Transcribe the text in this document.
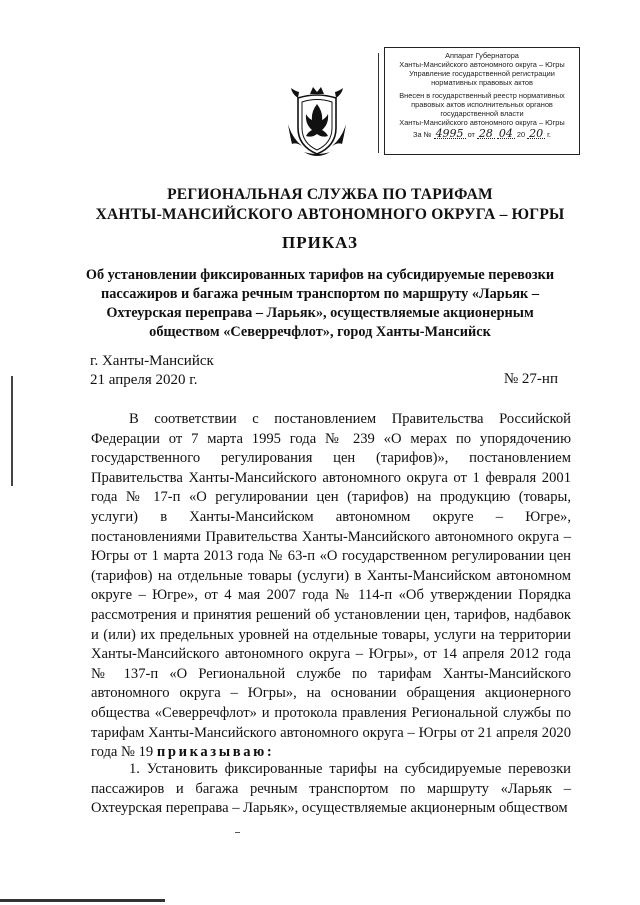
Аппарат Губернатора
Ханты-Мансийского автономного округа – Югры
Управление государственной регистрации
нормативных правовых актов
Внесен в государственный реестр нормативных
правовых актов исполнительных органов
государственной власти
Ханты-Мансийского автономного округа – Югры
За № 4995 от 28 04 20 20 г.
РЕГИОНАЛЬНАЯ СЛУЖБА ПО ТАРИФАМ
ХАНТЫ-МАНСИЙСКОГО АВТОНОМНОГО ОКРУГА – ЮГРЫ
ПРИКАЗ
Об установлении фиксированных тарифов на субсидируемые перевозки пассажиров и багажа речным транспортом по маршруту «Ларьяк – Охтеурская переправа – Ларьяк», осуществляемые акционерным обществом «Северречфлот», город Ханты-Мансийск
г. Ханты-Мансийск
21 апреля 2020 г.	№ 27-нп

В соответствии с постановлением Правительства Российской Федерации от 7 марта 1995 года № 239 «О мерах по упорядочению государственного регулирования цен (тарифов)», постановлением Правительства Ханты-Мансийского автономного округа от 1 февраля 2001 года № 17-п «О регулировании цен (тарифов) на продукцию (товары, услуги) в Ханты-Мансийском автономном округе – Югре», постановлениями Правительства Ханты-Мансийского автономного округа – Югры от 1 марта 2013 года № 63-п «О государственном регулировании цен (тарифов) на отдельные товары (услуги) в Ханты-Мансийском автономном округе – Югре», от 4 мая 2007 года № 114-п «Об утверждении Порядка рассмотрения и принятия решений об установлении цен, тарифов, надбавок и (или) их предельных уровней на отдельные товары, услуги на территории Ханты-Мансийского автономного округа – Югры», от 14 апреля 2012 года № 137-п «О Региональной службе по тарифам Ханты-Мансийского автономного округа – Югры», на основании обращения акционерного общества «Северречфлот» и протокола правления Региональной службы по тарифам Ханты-Мансийского автономного округа – Югры от 21 апреля 2020 года № 19 приказываю:

1. Установить фиксированные тарифы на субсидируемые перевозки пассажиров и багажа речным транспортом по маршруту «Ларьяк – Охтеурская переправа – Ларьяк», осуществляемые акционерным обществом
